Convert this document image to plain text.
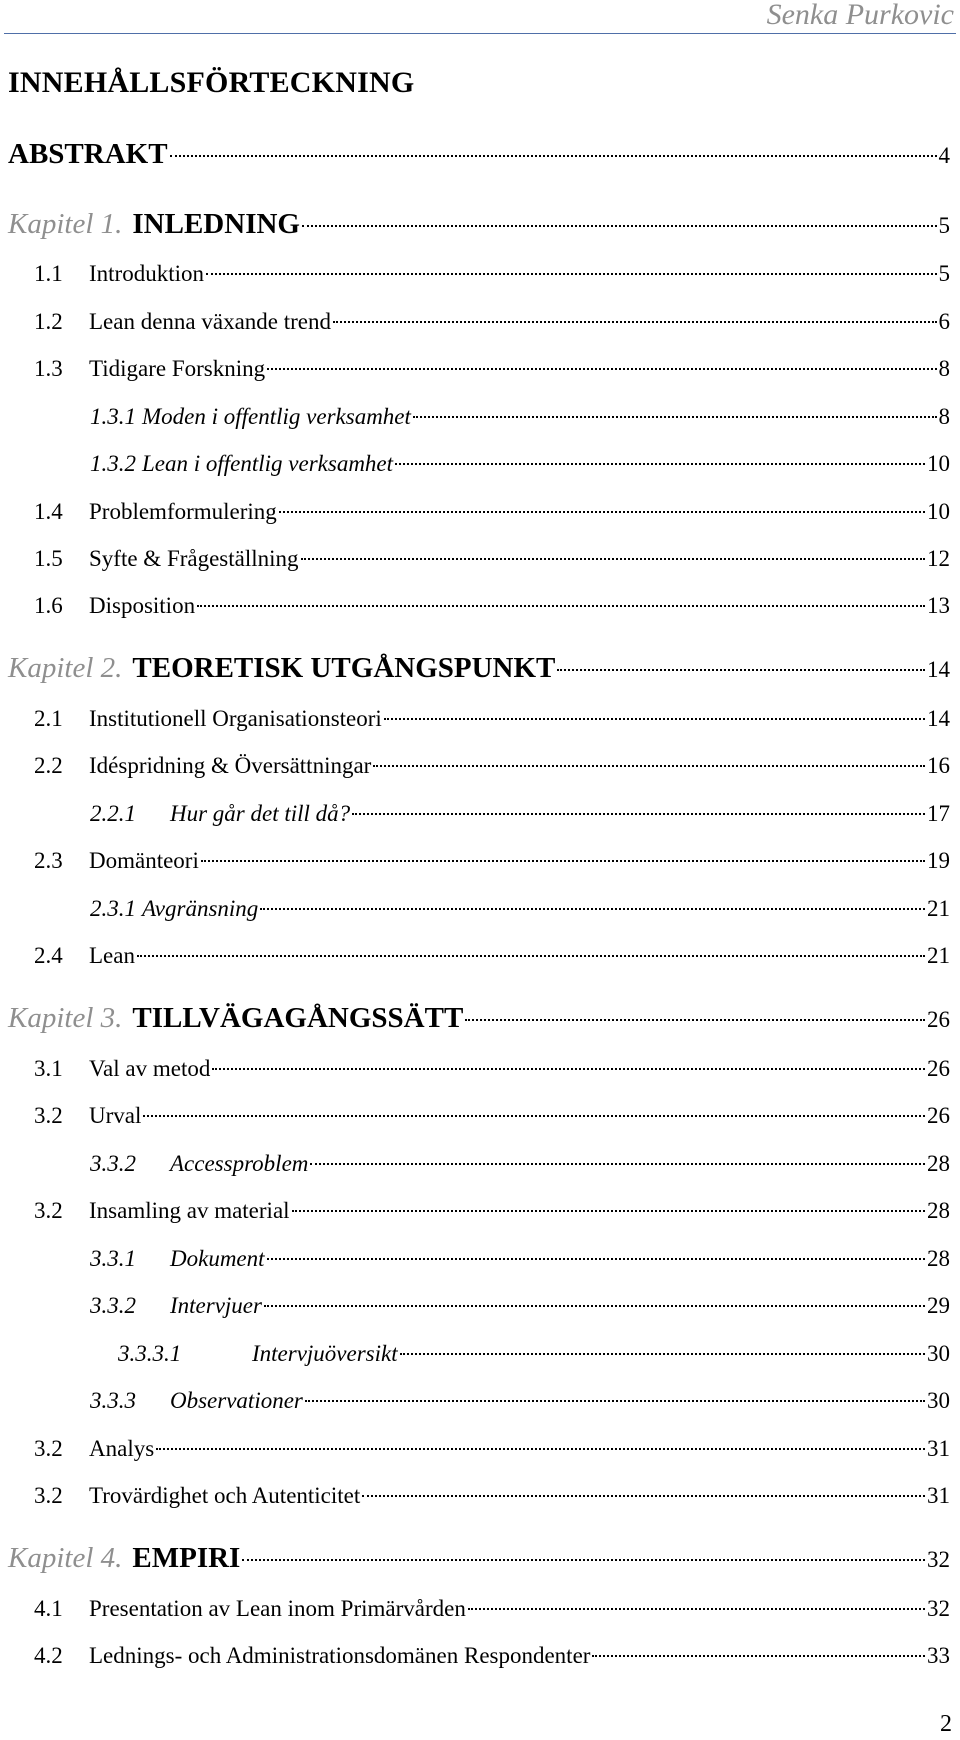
Senka Purkovic
INNEHÅLLSFÖRTECKNING
ABSTRAKT	4
Kapitel 1. INLEDNING	5
1.1	Introduktion	5
1.2	Lean denna växande trend	6
1.3	Tidigare Forskning	8
1.3.1 Moden i offentlig verksamhet	8
1.3.2 Lean i offentlig verksamhet	10
1.4	Problemformulering	10
1.5	Syfte & Frågeställning	12
1.6	Disposition	13
Kapitel 2. TEORETISK UTGÅNGSPUNKT	14
2.1	Institutionell Organisationsteori	14
2.2	Idéspridning & Översättningar	16
2.2.1	Hur går det till då?	17
2.3	Domänteori	19
2.3.1 Avgränsning	21
2.4	Lean	21
Kapitel 3. TILLVÄGAGÅNGSSÄTT	26
3.1	Val av metod	26
3.2	Urval	26
3.3.2	Accessproblem	28
3.2	Insamling av material	28
3.3.1	Dokument	28
3.3.2	Intervjuer	29
3.3.3.1	Intervjuöversikt	30
3.3.3	Observationer	30
3.2	Analys	31
3.2	Trovärdighet och Autenticitet	31
Kapitel 4. EMPIRI	32
4.1	Presentation av Lean inom Primärvården	32
4.2	Lednings- och Administrationsdomänen Respondenter	33
2
